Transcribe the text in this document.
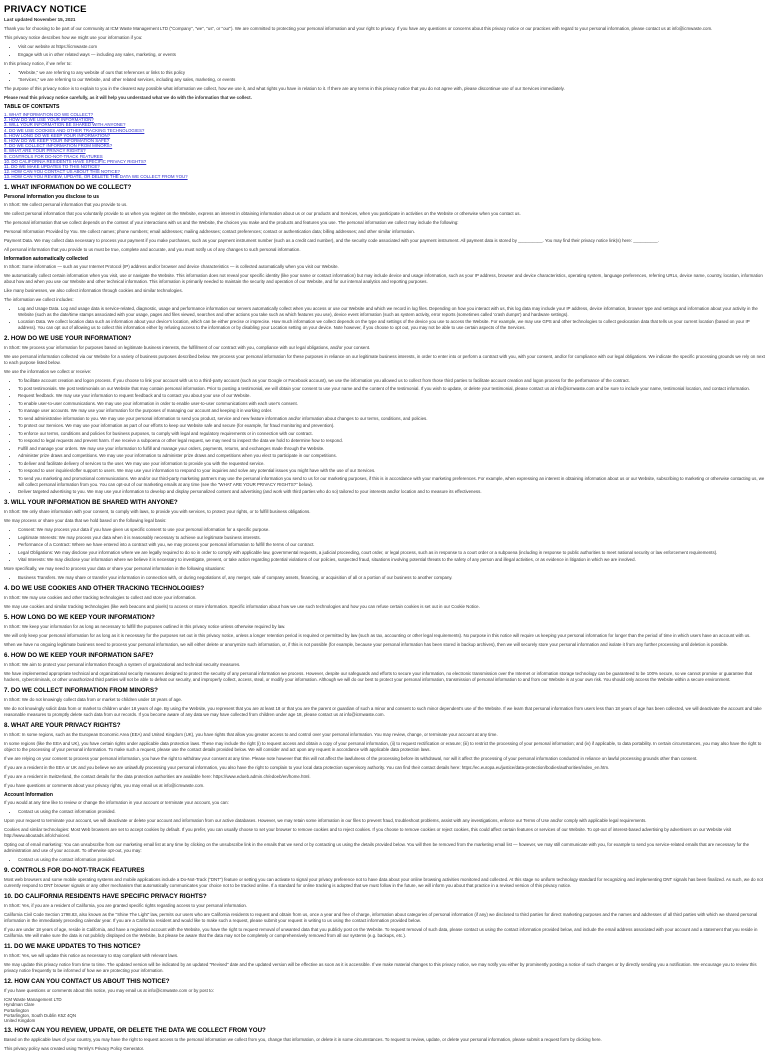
PRIVACY NOTICE
Last updated November 15, 2021

Thank you for choosing to be part of our community at ICM Waste Management LTD ("Company", "we", "us", or "our"). We are committed to protecting your personal information and your right to privacy. If you have any questions or concerns about this privacy notice or our practices with regard to your personal information, please contact us at info@icmwaste.com.

This privacy notice describes how we might use your information if you:

• Visit our website at https://icmwaste.com
• Engage with us in other related ways — including any sales, marketing, or events

In this privacy notice, if we refer to:

• "Website," we are referring to any website of ours that references or links to this policy
• "Services," we are referring to our Website, and other related services, including any sales, marketing, or events

The purpose of this privacy notice is to explain to you in the clearest way possible what information we collect, how we use it, and what rights you have in relation to it. If there are any terms in this privacy notice that you do not agree with, please discontinue use of our Services immediately.

Please read this privacy notice carefully, as it will help you understand what we do with the information that we collect.

TABLE OF CONTENTS
1. WHAT INFORMATION DO WE COLLECT?
2. HOW DO WE USE YOUR INFORMATION?
3. WILL YOUR INFORMATION BE SHARED WITH ANYONE?
4. DO WE USE COOKIES AND OTHER TRACKING TECHNOLOGIES?
5. HOW LONG DO WE KEEP YOUR INFORMATION?
6. HOW DO WE KEEP YOUR INFORMATION SAFE?
7. DO WE COLLECT INFORMATION FROM MINORS?
8. WHAT ARE YOUR PRIVACY RIGHTS?
9. CONTROLS FOR DO-NOT-TRACK FEATURES
10. DO CALIFORNIA RESIDENTS HAVE SPECIFIC PRIVACY RIGHTS?
11. DO WE MAKE UPDATES TO THIS NOTICE?
12. HOW CAN YOU CONTACT US ABOUT THIS NOTICE?
13. HOW CAN YOU REVIEW, UPDATE, OR DELETE THE DATA WE COLLECT FROM YOU?
1. WHAT INFORMATION DO WE COLLECT?
Personal information you disclose to us

In Short: We collect personal information that you provide to us.

We collect personal information that you voluntarily provide to us when you register on the Website, express an interest in obtaining information about us or our products and Services, when you participate in activities on the Website or otherwise when you contact us.

The personal information that we collect depends on the context of your interactions with us and the Website, the choices you make and the products and features you use. The personal information we collect may include the following:

Personal Information Provided by You. We collect names; phone numbers; email addresses; mailing addresses; contact preferences; contact or authentication data; billing addresses; and other similar information.

Payment Data. We may collect data necessary to process your payment if you make purchases, such as your payment instrument number (such as a credit card number), and the security code associated with your payment instrument. All payment data is stored by __________. You may find their privacy notice link(s) here: __________.

All personal information that you provide to us must be true, complete and accurate, and you must notify us of any changes to such personal information.

Information automatically collected

In Short: Some information — such as your Internet Protocol (IP) address and/or browser and device characteristics — is collected automatically when you visit our Website.

We automatically collect certain information when you visit, use or navigate the Website. This information does not reveal your specific identity (like your name or contact information) but may include device and usage information, such as your IP address, browser and device characteristics, operating system, language preferences, referring URLs, device name, country, location, information about how and when you use our Website and other technical information. This information is primarily needed to maintain the security and operation of our Website, and for our internal analytics and reporting purposes.

Like many businesses, we also collect information through cookies and similar technologies.

The information we collect includes:

• Log and Usage Data. Log and usage data is service-related, diagnostic, usage and performance information our servers automatically collect when you access or use our Website and which we record in log files. Depending on how you interact with us, this log data may include your IP address, device information, browser type and settings and information about your activity in the Website (such as the date/time stamps associated with your usage, pages and files viewed, searches and other actions you take such as which features you use), device event information (such as system activity, error reports (sometimes called 'crash dumps') and hardware settings).
• Location Data. We collect location data such as information about your device's location, which can be either precise or imprecise. How much information we collect depends on the type and settings of the device you use to access the Website. For example, we may use GPS and other technologies to collect geolocation data that tells us your current location (based on your IP address). You can opt out of allowing us to collect this information either by refusing access to the information or by disabling your Location setting on your device. Note however, if you choose to opt out, you may not be able to use certain aspects of the Services.
2. HOW DO WE USE YOUR INFORMATION?

In Short: We process your information for purposes based on legitimate business interests, the fulfillment of our contract with you, compliance with our legal obligations, and/or your consent.

We use personal information collected via our Website for a variety of business purposes described below. We process your personal information for these purposes in reliance on our legitimate business interests, in order to enter into or perform a contract with you, with your consent, and/or for compliance with our legal obligations. We indicate the specific processing grounds we rely on next to each purpose listed below.

We use the information we collect or receive:

• To facilitate account creation and logon process. If you choose to link your account with us to a third-party account (such as your Google or Facebook account), we use the information you allowed us to collect from those third parties to facilitate account creation and logon process for the performance of the contract.
• To post testimonials. We post testimonials on our Website that may contain personal information. Prior to posting a testimonial, we will obtain your consent to use your name and the content of the testimonial. If you wish to update, or delete your testimonial, please contact us at info@icmwaste.com and be sure to include your name, testimonial location, and contact information.
• Request feedback. We may use your information to request feedback and to contact you about your use of our Website.
• To enable user-to-user communications. We may use your information in order to enable user-to-user communications with each user's consent.
• To manage user accounts. We may use your information for the purposes of managing our account and keeping it in working order.
• To send administrative information to you. We may use your personal information to send you product, service and new feature information and/or information about changes to our terms, conditions, and policies.
• To protect our Services. We may use your information as part of our efforts to keep our Website safe and secure (for example, for fraud monitoring and prevention).
• To enforce our terms, conditions and policies for business purposes, to comply with legal and regulatory requirements or in connection with our contract.
• To respond to legal requests and prevent harm. If we receive a subpoena or other legal request, we may need to inspect the data we hold to determine how to respond.
• Fulfill and manage your orders. We may use your information to fulfill and manage your orders, payments, returns, and exchanges made through the Website.
• Administer prize draws and competitions. We may use your information to administer prize draws and competitions when you elect to participate in our competitions.
• To deliver and facilitate delivery of services to the user. We may use your information to provide you with the requested service.
• To respond to user inquiries/offer support to users. We may use your information to respond to your inquiries and solve any potential issues you might have with the use of our Services.
• To send you marketing and promotional communications. We and/or our third-party marketing partners may use the personal information you send to us for our marketing purposes, if this is in accordance with your marketing preferences. For example, when expressing an interest in obtaining information about us or our Website, subscribing to marketing or otherwise contacting us, we will collect personal information from you. You can opt-out of our marketing emails at any time (see the "WHAT ARE YOUR PRIVACY RIGHTS?" below).
• Deliver targeted advertising to you. We may use your information to develop and display personalized content and advertising (and work with third parties who do so) tailored to your interests and/or location and to measure its effectiveness.
3. WILL YOUR INFORMATION BE SHARED WITH ANYONE?

In Short: We only share information with your consent, to comply with laws, to provide you with services, to protect your rights, or to fulfill business obligations.

We may process or share your data that we hold based on the following legal basis:

• Consent: We may process your data if you have given us specific consent to use your personal information for a specific purpose.
• Legitimate Interests: We may process your data when it is reasonably necessary to achieve our legitimate business interests.
• Performance of a Contract: Where we have entered into a contract with you, we may process your personal information to fulfill the terms of our contract.
• Legal Obligations: We may disclose your information where we are legally required to do so in order to comply with applicable law, governmental requests, a judicial proceeding, court order, or legal process, such as in response to a court order or a subpoena (including in response to public authorities to meet national security or law enforcement requirements).
• Vital Interests: We may disclose your information where we believe it is necessary to investigate, prevent, or take action regarding potential violations of our policies, suspected fraud, situations involving potential threats to the safety of any person and illegal activities, or as evidence in litigation in which we are involved.

More specifically, we may need to process your data or share your personal information in the following situations:

• Business Transfers. We may share or transfer your information in connection with, or during negotiations of, any merger, sale of company assets, financing, or acquisition of all or a portion of our business to another company.
4. DO WE USE COOKIES AND OTHER TRACKING TECHNOLOGIES?

In Short: We may use cookies and other tracking technologies to collect and store your information.

We may use cookies and similar tracking technologies (like web beacons and pixels) to access or store information. Specific information about how we use such technologies and how you can refuse certain cookies is set out in our Cookie Notice.

5. HOW LONG DO WE KEEP YOUR INFORMATION?

In Short: We keep your information for as long as necessary to fulfill the purposes outlined in this privacy notice unless otherwise required by law.

We will only keep your personal information for as long as it is necessary for the purposes set out in this privacy notice, unless a longer retention period is required or permitted by law (such as tax, accounting or other legal requirements). No purpose in this notice will require us keeping your personal information for longer than the period of time in which users have an account with us.

When we have no ongoing legitimate business need to process your personal information, we will either delete or anonymize such information, or, if this is not possible (for example, because your personal information has been stored in backup archives), then we will securely store your personal information and isolate it from any further processing until deletion is possible.

6. HOW DO WE KEEP YOUR INFORMATION SAFE?

In Short: We aim to protect your personal information through a system of organizational and technical security measures.

We have implemented appropriate technical and organizational security measures designed to protect the security of any personal information we process. However, despite our safeguards and efforts to secure your information, no electronic transmission over the Internet or information storage technology can be guaranteed to be 100% secure, so we cannot promise or guarantee that hackers, cybercriminals, or other unauthorized third parties will not be able to defeat our security, and improperly collect, access, steal, or modify your information. Although we will do our best to protect your personal information, transmission of personal information to and from our Website is at your own risk. You should only access the Website within a secure environment.

7. DO WE COLLECT INFORMATION FROM MINORS?

In Short: We do not knowingly collect data from or market to children under 18 years of age.

We do not knowingly solicit data from or market to children under 18 years of age. By using the Website, you represent that you are at least 18 or that you are the parent or guardian of such a minor and consent to such minor dependent's use of the Website. If we learn that personal information from users less than 18 years of age has been collected, we will deactivate the account and take reasonable measures to promptly delete such data from our records. If you become aware of any data we may have collected from children under age 18, please contact us at info@icmwaste.com.

8. WHAT ARE YOUR PRIVACY RIGHTS?

In Short: In some regions, such as the European Economic Area (EEA) and United Kingdom (UK), you have rights that allow you greater access to and control over your personal information. You may review, change, or terminate your account at any time.

In some regions (like the EEA and UK), you have certain rights under applicable data protection laws. These may include the right (i) to request access and obtain a copy of your personal information, (ii) to request rectification or erasure; (iii) to restrict the processing of your personal information; and (iv) if applicable, to data portability. In certain circumstances, you may also have the right to object to the processing of your personal information. To make such a request, please use the contact details provided below. We will consider and act upon any request in accordance with applicable data protection laws.

If we are relying on your consent to process your personal information, you have the right to withdraw your consent at any time. Please note however that this will not affect the lawfulness of the processing before its withdrawal, nor will it affect the processing of your personal information conducted in reliance on lawful processing grounds other than consent.

If you are a resident in the EEA or UK and you believe we are unlawfully processing your personal information, you also have the right to complain to your local data protection supervisory authority. You can find their contact details here: https://ec.europa.eu/justice/data-protection/bodies/authorities/index_en.htm.

If you are a resident in Switzerland, the contact details for the data protection authorities are available here: https://www.edoeb.admin.ch/edoeb/en/home.html.

If you have questions or comments about your privacy rights, you may email us at info@icmwaste.com.

Account Information

If you would at any time like to review or change the information in your account or terminate your account, you can:

• Contact us using the contact information provided.

Upon your request to terminate your account, we will deactivate or delete your account and information from our active databases. However, we may retain some information in our files to prevent fraud, troubleshoot problems, assist with any investigations, enforce our Terms of Use and/or comply with applicable legal requirements.

Cookies and similar technologies: Most Web browsers are set to accept cookies by default. If you prefer, you can usually choose to set your browser to remove cookies and to reject cookies. If you choose to remove cookies or reject cookies, this could affect certain features or services of our Website. To opt-out of interest-based advertising by advertisers on our Website visit http://www.aboutads.info/choices/.

Opting out of email marketing: You can unsubscribe from our marketing email list at any time by clicking on the unsubscribe link in the emails that we send or by contacting us using the details provided below. You will then be removed from the marketing email list — however, we may still communicate with you, for example to send you service-related emails that are necessary for the administration and use of your account. To otherwise opt-out, you may:

• Contact us using the contact information provided.
9. CONTROLS FOR DO-NOT-TRACK FEATURES

Most web browsers and some mobile operating systems and mobile applications include a Do-Not-Track ("DNT") feature or setting you can activate to signal your privacy preference not to have data about your online browsing activities monitored and collected. At this stage no uniform technology standard for recognizing and implementing DNT signals has been finalized. As such, we do not currently respond to DNT browser signals or any other mechanism that automatically communicates your choice not to be tracked online. If a standard for online tracking is adopted that we must follow in the future, we will inform you about that practice in a revised version of this privacy notice.

10. DO CALIFORNIA RESIDENTS HAVE SPECIFIC PRIVACY RIGHTS?

In Short: Yes, if you are a resident of California, you are granted specific rights regarding access to your personal information.

California Civil Code Section 1798.83, also known as the "Shine The Light" law, permits our users who are California residents to request and obtain from us, once a year and free of charge, information about categories of personal information (if any) we disclosed to third parties for direct marketing purposes and the names and addresses of all third parties with which we shared personal information in the immediately preceding calendar year. If you are a California resident and would like to make such a request, please submit your request in writing to us using the contact information provided below.

If you are under 18 years of age, reside in California, and have a registered account with the Website, you have the right to request removal of unwanted data that you publicly post on the Website. To request removal of such data, please contact us using the contact information provided below, and include the email address associated with your account and a statement that you reside in California. We will make sure the data is not publicly displayed on the Website, but please be aware that the data may not be completely or comprehensively removed from all our systems (e.g. backups, etc.).

11. DO WE MAKE UPDATES TO THIS NOTICE?

In Short: Yes, we will update this notice as necessary to stay compliant with relevant laws.

We may update this privacy notice from time to time. The updated version will be indicated by an updated "Revised" date and the updated version will be effective as soon as it is accessible. If we make material changes to this privacy notice, we may notify you either by prominently posting a notice of such changes or by directly sending you a notification. We encourage you to review this privacy notice frequently to be informed of how we are protecting your information.

12. HOW CAN YOU CONTACT US ABOUT THIS NOTICE?

If you have questions or comments about this notice, you may email us at info@icmwaste.com or by post to:

ICM Waste Management LTD
Hyndman Clare
Portarlington
Portarlington, South Dublin K5Z 4QN
United Kingdom
13. HOW CAN YOU REVIEW, UPDATE, OR DELETE THE DATA WE COLLECT FROM YOU?

Based on the applicable laws of your country, you may have the right to request access to the personal information we collect from you, change that information, or delete it in some circumstances. To request to review, update, or delete your personal information, please submit a request form by clicking here.

This privacy policy was created using Termly's Privacy Policy Generator.
